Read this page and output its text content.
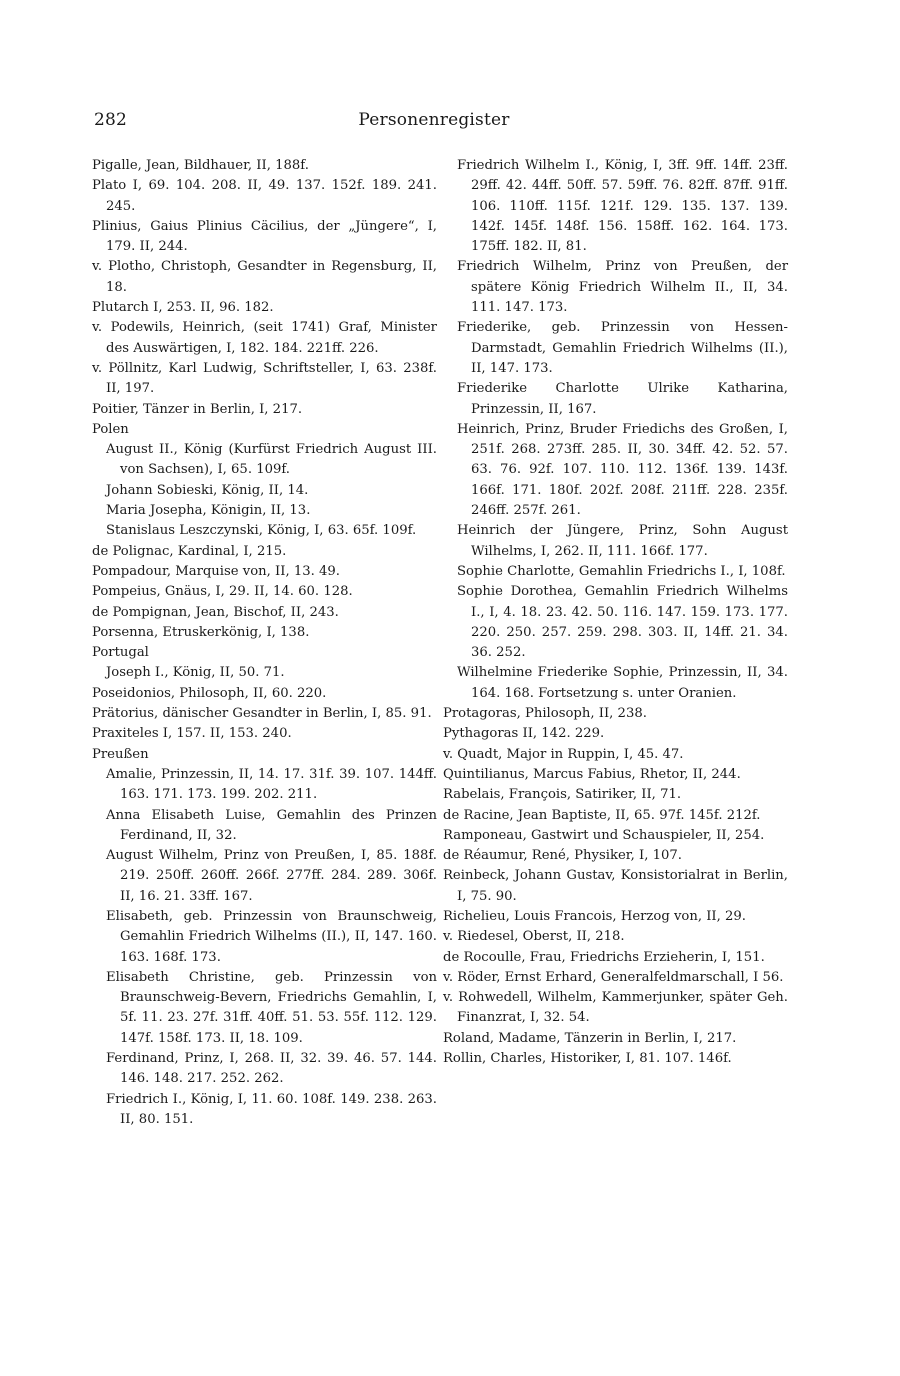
282	Personenregister

Pigalle, Jean, Bildhauer, II, 188f.

Plato I, 69. 104. 208. II, 49. 137. 152f. 189. 241. 245.

Plinius, Gaius Plinius Cäcilius, der „Jüngere“, I, 179. II, 244.

v. Plotho, Christoph, Gesandter in Regensburg, II, 18.

Plutarch I, 253. II, 96. 182.

v. Podewils, Heinrich, (seit 1741) Graf, Minister des Auswärtigen, I, 182. 184. 221ff. 226.

v. Pöllnitz, Karl Ludwig, Schriftsteller, I, 63. 238f. II, 197.

Poitier, Tänzer in Berlin, I, 217.

Polen

August II., König (Kurfürst Friedrich August III. von Sachsen), I, 65. 109f.

Johann Sobieski, König, II, 14.

Maria Josepha, Königin, II, 13.

Stanislaus Leszczynski, König, I, 63. 65f. 109f.

de Polignac, Kardinal, I, 215.

Pompadour, Marquise von, II, 13. 49.

Pompeius, Gnäus, I, 29. II, 14. 60. 128.

de Pompignan, Jean, Bischof, II, 243.

Porsenna, Etruskerkönig, I, 138.

Portugal

Joseph I., König, II, 50. 71.

Poseidonios, Philosoph, II, 60. 220.

Prätorius, dänischer Gesandter in Berlin, I, 85. 91.

Praxiteles I, 157. II, 153. 240.

Preußen

Amalie, Prinzessin, II, 14. 17. 31f. 39. 107. 144ff. 163. 171. 173. 199. 202. 211.

Anna Elisabeth Luise, Gemahlin des Prinzen Ferdinand, II, 32.

August Wilhelm, Prinz von Preußen, I, 85. 188f. 219. 250ff. 260ff. 266f. 277ff. 284. 289. 306f. II, 16. 21. 33ff. 167.

Elisabeth, geb. Prinzessin von Braunschweig, Gemahlin Friedrich Wilhelms (II.), II, 147. 160. 163. 168f. 173.

Elisabeth Christine, geb. Prinzessin von Braunschweig-Bevern, Friedrichs Gemahlin, I, 5f. 11. 23. 27f. 31ff. 40ff. 51. 53. 55f. 112. 129. 147f. 158f. 173. II, 18. 109.

Ferdinand, Prinz, I, 268. II, 32. 39. 46. 57. 144. 146. 148. 217. 252. 262.

Friedrich I., König, I, 11. 60. 108f. 149. 238. 263. II, 80. 151.

Friedrich Wilhelm I., König, I, 3ff. 9ff. 14ff. 23ff. 29ff. 42. 44ff. 50ff. 57. 59ff. 76. 82ff. 87ff. 91ff. 106. 110ff. 115f. 121f. 129. 135. 137. 139. 142f. 145f. 148f. 156. 158ff. 162. 164. 173. 175ff. 182. II, 81.

Friedrich Wilhelm, Prinz von Preußen, der spätere König Friedrich Wilhelm II., II, 34. 111. 147. 173.

Friederike, geb. Prinzessin von Hessen-Darmstadt, Gemahlin Friedrich Wilhelms (II.), II, 147. 173.

Friederike Charlotte Ulrike Katharina, Prinzessin, II, 167.

Heinrich, Prinz, Bruder Friedichs des Großen, I, 251f. 268. 273ff. 285. II, 30. 34ff. 42. 52. 57. 63. 76. 92f. 107. 110. 112. 136f. 139. 143f. 166f. 171. 180f. 202f. 208f. 211ff. 228. 235f. 246ff. 257f. 261.

Heinrich der Jüngere, Prinz, Sohn August Wilhelms, I, 262. II, 111. 166f. 177.

Sophie Charlotte, Gemahlin Friedrichs I., I, 108f.

Sophie Dorothea, Gemahlin Friedrich Wilhelms I., I, 4. 18. 23. 42. 50. 116. 147. 159. 173. 177. 220. 250. 257. 259. 298. 303. II, 14ff. 21. 34. 36. 252.

Wilhelmine Friederike Sophie, Prinzessin, II, 34. 164. 168. Fortsetzung s. unter Oranien.

Protagoras, Philosoph, II, 238.

Pythagoras II, 142. 229.

v. Quadt, Major in Ruppin, I, 45. 47.

Quintilianus, Marcus Fabius, Rhetor, II, 244.

Rabelais, François, Satiriker, II, 71.

de Racine, Jean Baptiste, II, 65. 97f. 145f. 212f.

Ramponeau, Gastwirt und Schauspieler, II, 254.

de Réaumur, René, Physiker, I, 107.

Reinbeck, Johann Gustav, Konsistorialrat in Berlin, I, 75. 90.

Richelieu, Louis Francois, Herzog von, II, 29.

v. Riedesel, Oberst, II, 218.

de Rocoulle, Frau, Friedrichs Erzieherin, I, 151.

v. Röder, Ernst Erhard, Generalfeldmarschall, I 56.

v. Rohwedell, Wilhelm, Kammerjunker, später Geh. Finanzrat, I, 32. 54.

Roland, Madame, Tänzerin in Berlin, I, 217.

Rollin, Charles, Historiker, I, 81. 107. 146f.
